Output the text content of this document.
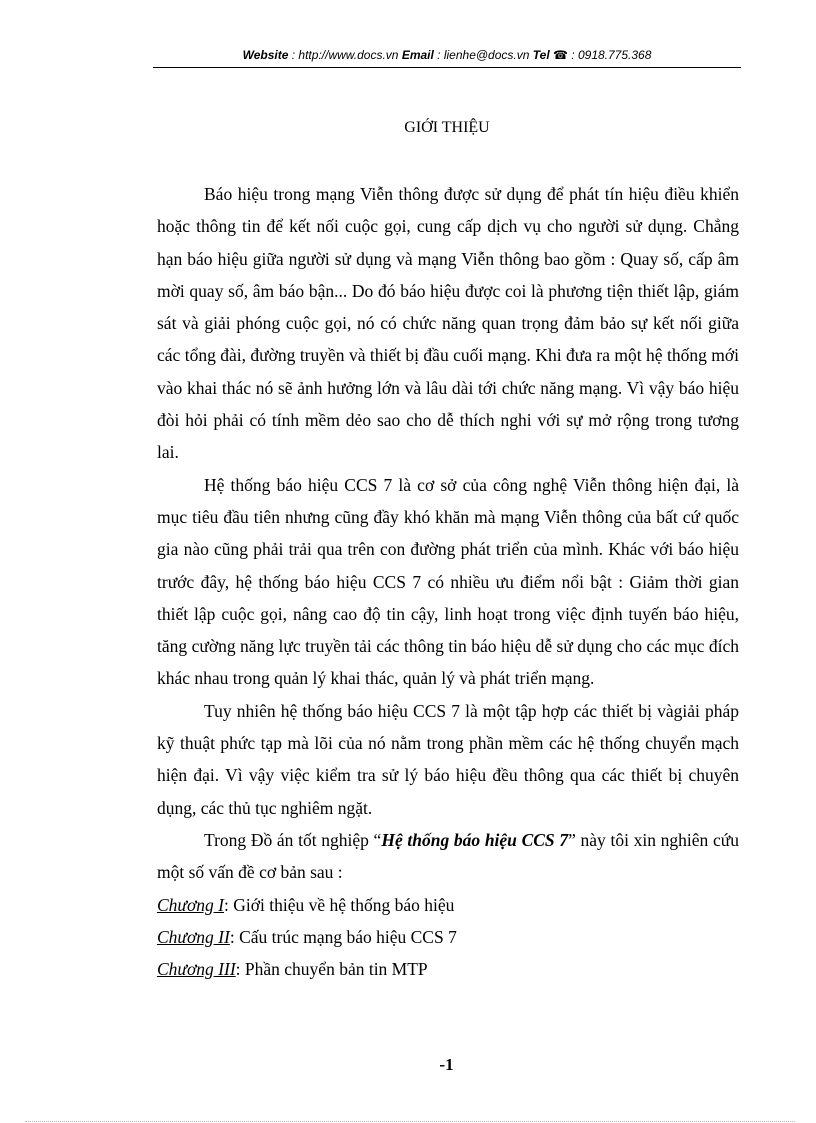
Website : http://www.docs.vn Email : lienhe@docs.vn Tel ☎ : 0918.775.368
GIỚI THIỆU

Báo hiệu trong mạng Viễn thông được sử dụng để phát tín hiệu điều khiển hoặc thông tin để kết nối cuộc gọi, cung cấp dịch vụ cho người sử dụng. Chẳng hạn báo hiệu giữa người sử dụng và mạng Viễn thông bao gồm : Quay số, cấp âm mời quay số, âm báo bận... Do đó báo hiệu được coi là phương tiện thiết lập, giám sát và giải phóng cuộc gọi, nó có chức năng quan trọng đảm bảo sự kết nối giữa các tổng đài, đường truyền và thiết bị đầu cuối mạng. Khi đưa ra một hệ thống mới vào khai thác nó sẽ ảnh hưởng lớn và lâu dài tới chức năng mạng. Vì vậy báo hiệu đòi hỏi phải có tính mềm dẻo sao cho dễ thích nghi với sự mở rộng trong tương lai.

Hệ thống báo hiệu CCS 7 là cơ sở của công nghệ Viễn thông hiện đại, là mục tiêu đầu tiên nhưng cũng đầy khó khăn mà mạng Viễn thông của bất cứ quốc gia nào cũng phải trải qua trên con đường phát triển của mình. Khác với báo hiệu trước đây, hệ thống báo hiệu CCS 7 có nhiều ưu điểm nổi bật : Giảm thời gian thiết lập cuộc gọi, nâng cao độ tin cậy, linh hoạt trong việc định tuyến báo hiệu, tăng cường năng lực truyền tải các thông tin báo hiệu dễ sử dụng cho các mục đích khác nhau trong quản lý khai thác, quản lý và phát triển mạng.

Tuy nhiên hệ thống báo hiệu CCS 7 là một tập hợp các thiết bị vàgiải pháp kỹ thuật phức tạp mà lõi của nó nằm trong phần mềm các hệ thống chuyển mạch hiện đại. Vì vậy việc kiểm tra sử lý báo hiệu đều thông qua các thiết bị chuyên dụng, các thủ tục nghiêm ngặt.

Trong Đồ án tốt nghiệp “Hệ thống báo hiệu CCS 7” này tôi xin nghiên cứu một số vấn đề cơ bản sau :

Chương I: Giới thiệu về hệ thống báo hiệu

Chương II: Cấu trúc mạng báo hiệu CCS 7

Chương III: Phần chuyển bản tin MTP

-1
